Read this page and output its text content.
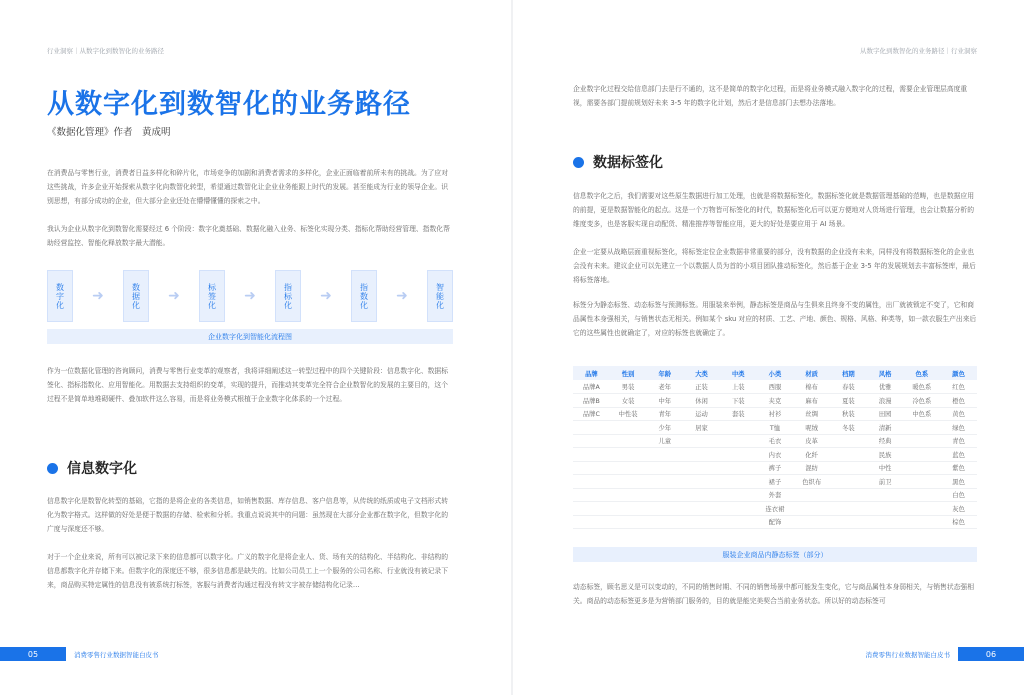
行业洞察｜从数字化到数智化的业务路径	从数字化到数智化的业务路径｜行业洞察
从数字化到数智化的业务路径
《数据化管理》作者　黄成明

在消费品与零售行业，消费者日益多样化和碎片化，市场竞争的加剧和消费者需求的多样化，企业正面临着前所未有的挑战。为了应对这些挑战，许多企业开始探索从数字化向数智化转型，希望通过数智化让企业业务能跟上时代的发展。甚至能成为行业的领导企业。识别思想，有部分成功的企业，但大部分企业还处在懵懵懂懂的探索之中。

我认为企业从数字化到数智化需要经过 6 个阶段：数字化奠基础、数据化融入业务、标签化实现分类、指标化帮助经营管理、指数化帮助经营监控、智能化释放数字最大潜能。

数字化 ➜	数据化 ➜	标签化 ➜	指标化 ➜	指数化 ➜	智能化
企业数字化到智能化流程图

作为一位数据化管理的咨询顾问，消费与零售行业变革的观察者，我将详细阐述这一转型过程中的四个关键阶段：信息数字化、数据标签化、指标指数化、应用智能化。用数据去支持组织的变革，实现的提升，而推动其变革完全符合企业数智化的发展的主要目的，这个过程不是简单地堆砌硬件、叠加软件这么容易，而是将业务模式根植于企业数字化体系的一个过程。

信息数字化

信息数字化是数智化转型的基础，它指的是将企业的各类信息，如销售数据、库存信息、客户信息等，从传统的纸质或电子文档形式转化为数字格式。这样做的好处是便于数据的存储、检索和分析。我重点说说其中的问题：虽然现在大部分企业都在数字化，但数字化的广度与深度还不够。

对于一个企业来说，所有可以被记录下来的信息都可以数字化。广义的数字化是将企业人、货、场有关的结构化、半结构化、非结构的信息都数字化并存储下来。但数字化的深度还不够，很多信息都是缺失的。比如公司员工上一个服务的公司名称、行业就没有被记录下来，商品购买特定属性的信息没有被系统打标签，客服与消费者沟通过程没有转文字被存储结构化记录…

企业数字化过程交给信息部门去是行不通的，这不是简单的数字化过程，而是将业务模式融入数字化的过程，需要企业管理层高度重视，需要各部门提前规划好未来 3-5 年的数字化计划，然后才是信息部门去想办法落地。

数据标签化

信息数字化之后，我们需要对这些原生数据进行加工处理，也就是将数据标签化，数据标签化就是数据管理基础的范畴，也是数据应用的前提，更是数据智能化的起点。这是一个万物皆可标签化的时代，数据标签化后可以更方便地对人货场进行管理，也会让数据分析的维度变多，也是客服实现自动配货、精准推荐等智能应用，更大的好处是要应用于 AI 场景。

企业一定要从战略层面重视标签化，将标签定位企业数据非常重要的部分，没有数据的企业没有未来，同样没有将数据标签化的企业也会没有未来。建议企业可以先建立一个以数据人员为首的小项目团队推动标签化，然后基于企业 3-5 年的发展规划去丰富标签库，最后将标签落地。

标签分为静态标签、动态标签与预测标签。用服装来举例，静态标签是商品与生俱来且终身不变的属性，出厂就被锁定不变了，它和商品属性本身强相关，与销售状态无相关。例如某个 sku 对应的材质、工艺、产地、颜色、规格、风格、种类等，如一款衣服生产出来后它的这些属性也就确定了，对应的标签也就确定了。

品牌	性别	年龄	大类	中类	小类	材质	档期	风格	色系	颜色
品牌A	男装	老年	正装	上装	西服	棉布	春装	优雅	暖色系	红色
品牌B	女装	中年	休闲	下装	夹克	麻布	夏装	浪漫	冷色系	橙色
品牌C	中性装	青年	运动	套装	衬衫	丝绸	秋装	田园	中色系	黄色
		少年	居家		T恤	呢绒	冬装	清新		绿色
		儿童			毛衣	皮革		经典		青色
					内衣	化纤		民族		蓝色
					裤子	混纺		中性		紫色
					裙子	色织布		前卫		黑色
					外套					白色
					连衣裙					灰色
					配饰					棕色
服装企业商品内静态标签（部分）

动态标签，顾名思义是可以变动的，不同的销售时期、不同的销售场景中都可能发生变化，它与商品属性本身弱相关，与销售状态强相关。商品的动态标签更多是为营销部门服务的，目的就是能完美契合当前业务状态。所以好的动态标签可

05	消费零售行业数据智能白皮书	06
消费零售行业数据智能白皮书
